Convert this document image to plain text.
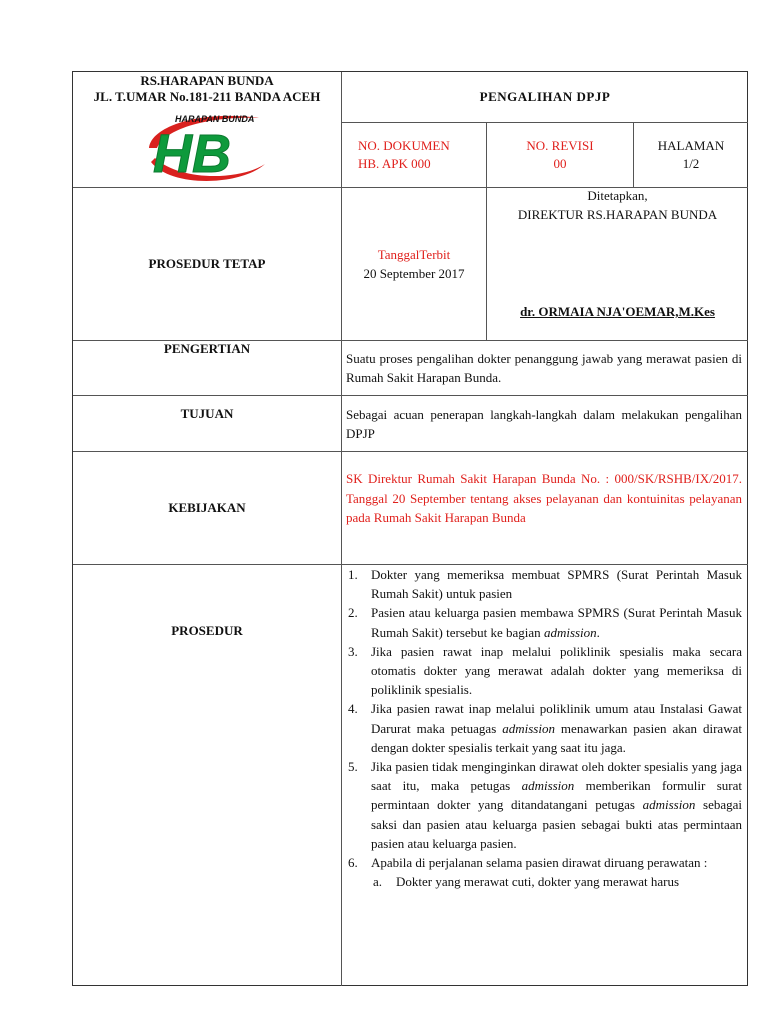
RS.HARAPAN BUNDA
JL. T.UMAR No.181-211 BANDA ACEH
HARAPAN BUNDA
HB
PENGALIHAN DPJP
NO. DOKUMEN
HB. APK 000
NO. REVISI
00
HALAMAN
1/2
PROSEDUR TETAP
TanggalTerbit
20 September 2017
Ditetapkan,
DIREKTUR RS.HARAPAN BUNDA
dr. ORMAIA NJA'OEMAR,M.Kes
PENGERTIAN
Suatu proses pengalihan dokter penanggung jawab yang merawat pasien di Rumah Sakit Harapan Bunda.
TUJUAN	Sebagai acuan penerapan langkah-langkah dalam melakukan pengalihan DPJP
KEBIJAKAN
SK Direktur Rumah Sakit Harapan Bunda No. : 000/SK/RSHB/IX/2017. Tanggal 20 September tentang akses pelayanan dan kontuinitas pelayanan pada Rumah Sakit Harapan Bunda
PROSEDUR
1. Dokter yang memeriksa membuat SPMRS (Surat Perintah Masuk Rumah Sakit) untuk pasien
2. Pasien atau keluarga pasien membawa SPMRS (Surat Perintah Masuk Rumah Sakit) tersebut ke bagian admission.
3. Jika pasien rawat inap melalui poliklinik spesialis maka secara otomatis dokter yang merawat adalah dokter yang memeriksa di poliklinik spesialis.
4. Jika pasien rawat inap melalui poliklinik umum atau Instalasi Gawat Darurat maka petuagas admission menawarkan pasien akan dirawat dengan dokter spesialis terkait yang saat itu jaga.
5. Jika pasien tidak menginginkan dirawat oleh dokter spesialis yang jaga saat itu, maka petugas admission memberikan formulir surat permintaan dokter yang ditandatangani petugas admission sebagai saksi dan pasien atau keluarga pasien sebagai bukti atas permintaan pasien atau keluarga pasien.
6. Apabila di perjalanan selama pasien dirawat diruang perawatan :
a. Dokter yang merawat cuti, dokter yang merawat harus
